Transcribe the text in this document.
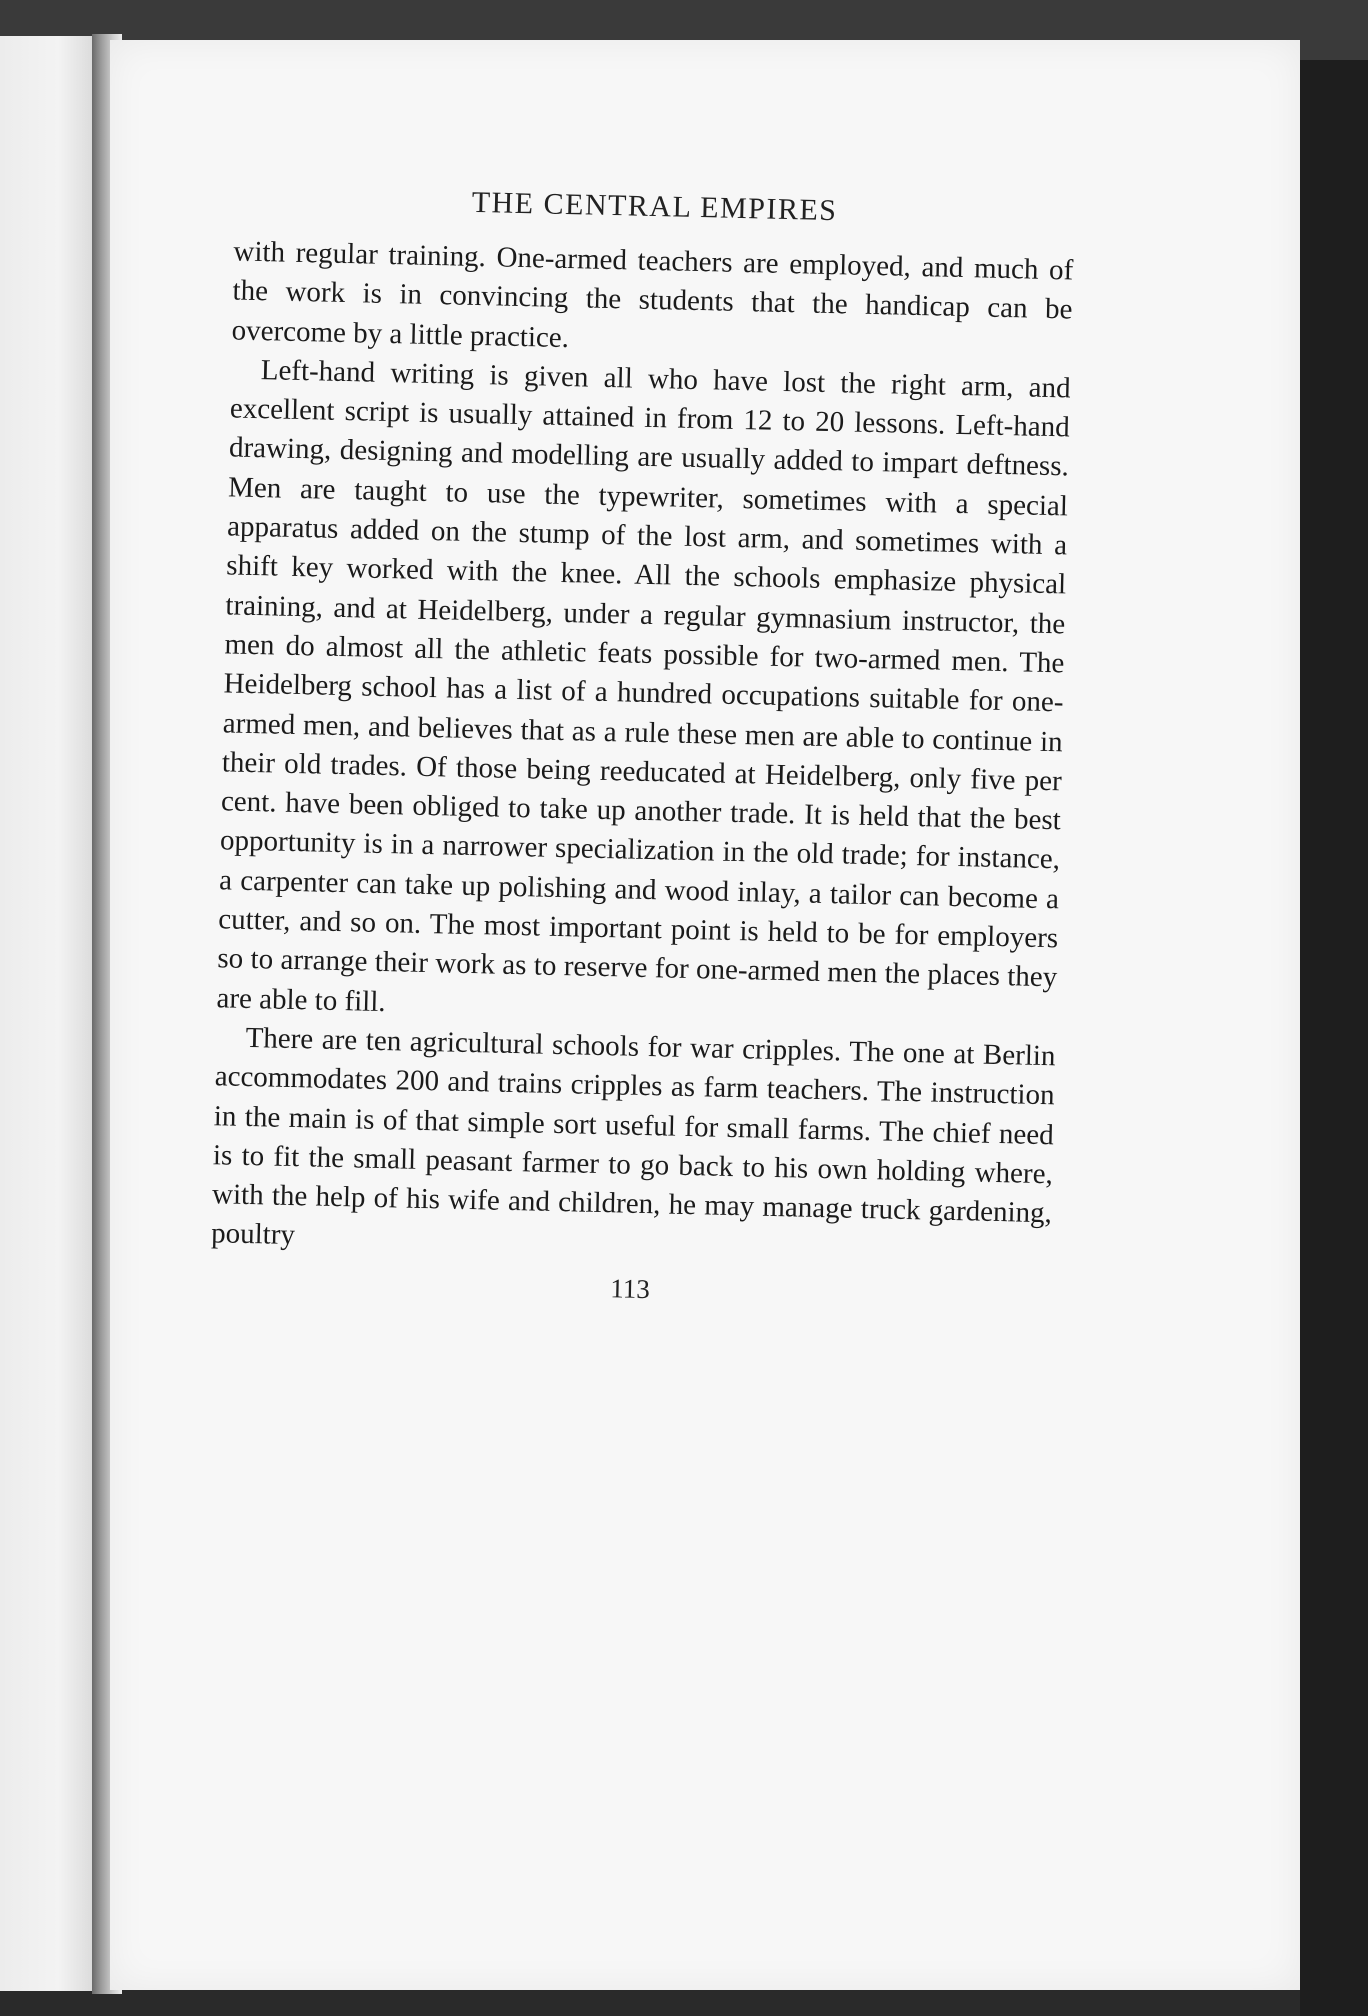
THE CENTRAL EMPIRES

with regular training. One-armed teachers are employed, and much of the work is in convincing the students that the handicap can be overcome by a little practice.

Left-hand writing is given all who have lost the right arm, and excellent script is usually attained in from 12 to 20 lessons. Left-hand drawing, designing and modelling are usually added to impart deftness. Men are taught to use the typewriter, sometimes with a special apparatus added on the stump of the lost arm, and sometimes with a shift key worked with the knee. All the schools emphasize physical training, and at Heidelberg, under a regular gymnasium instructor, the men do almost all the athletic feats possible for two-armed men. The Heidelberg school has a list of a hundred occupations suitable for one-armed men, and believes that as a rule these men are able to continue in their old trades. Of those being reeducated at Heidelberg, only five per cent. have been obliged to take up another trade. It is held that the best opportunity is in a narrower specialization in the old trade; for instance, a carpenter can take up polishing and wood inlay, a tailor can become a cutter, and so on. The most important point is held to be for employers so to arrange their work as to reserve for one-armed men the places they are able to fill.

There are ten agricultural schools for war cripples. The one at Berlin accommodates 200 and trains cripples as farm teachers. The instruction in the main is of that simple sort useful for small farms. The chief need is to fit the small peasant farmer to go back to his own holding where, with the help of his wife and children, he may manage truck gardening, poultry

113
